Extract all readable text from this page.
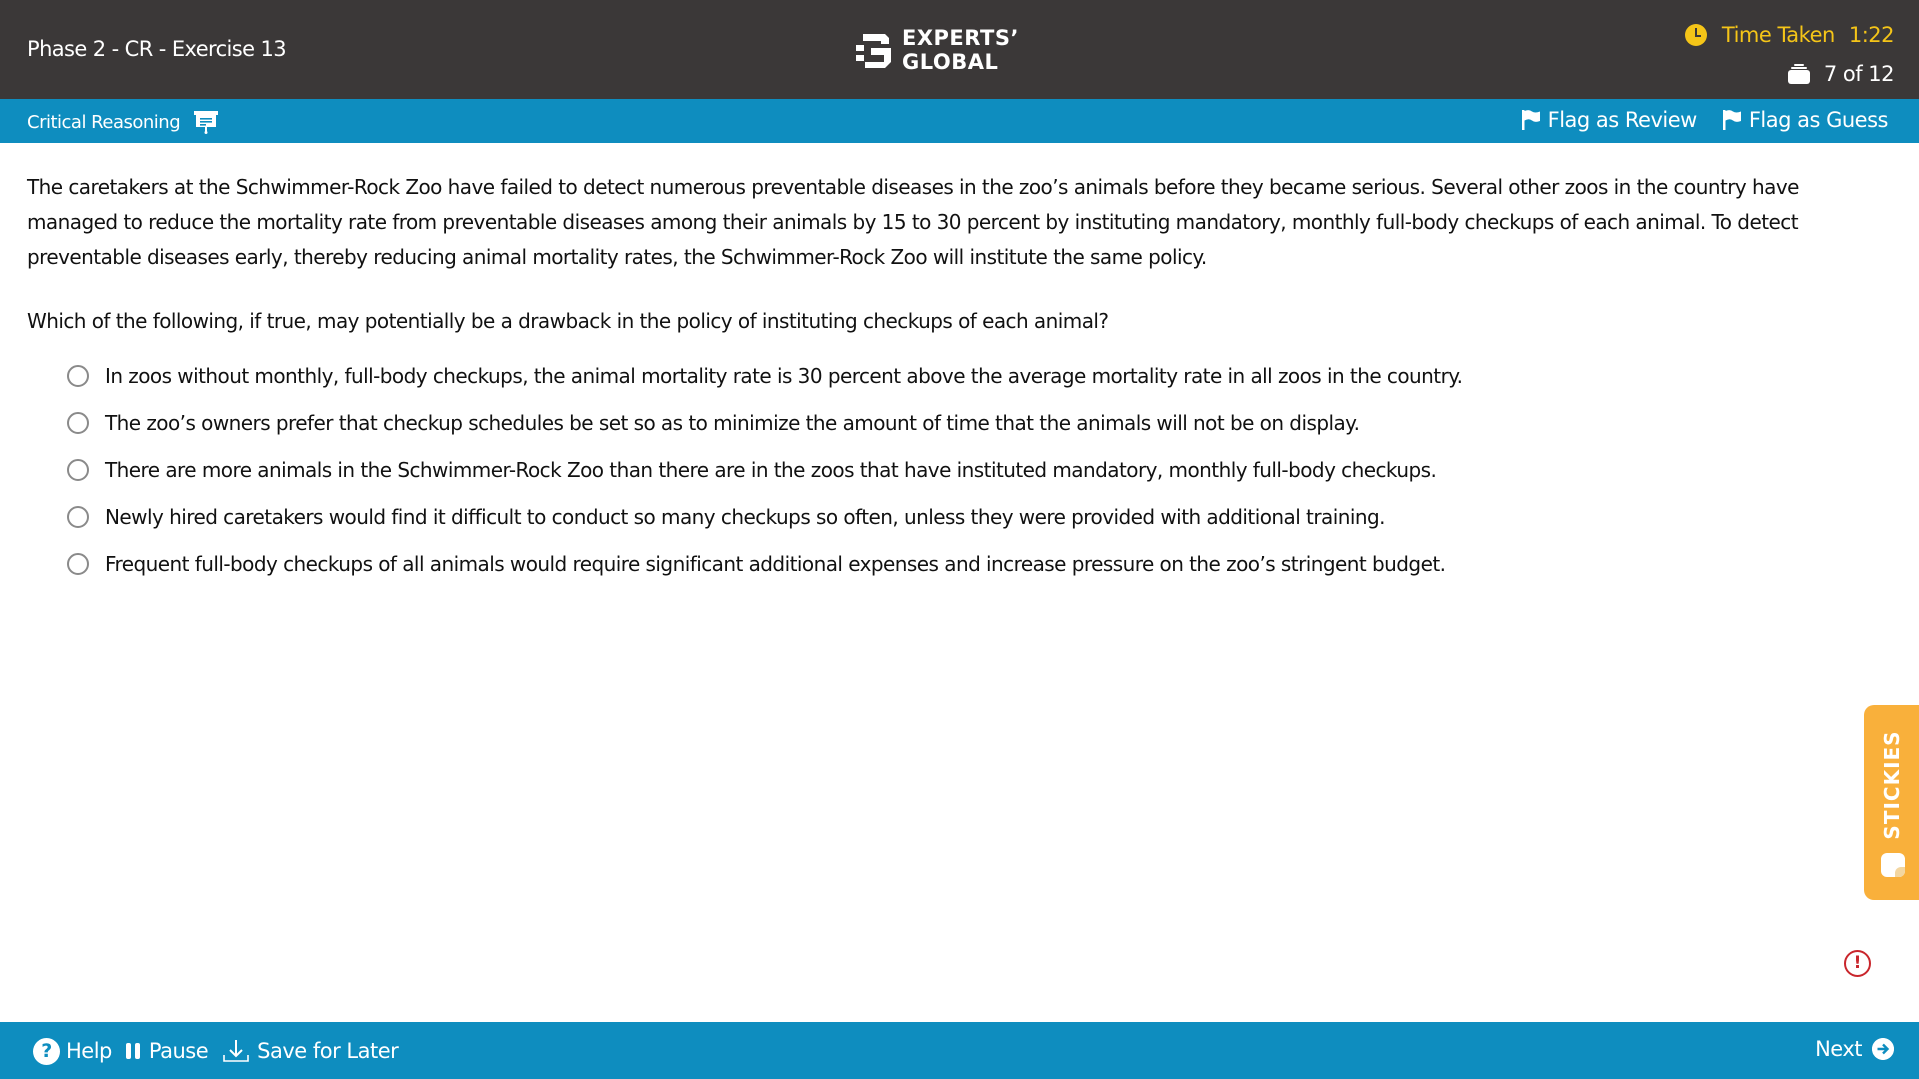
Phase 2 - CR - Exercise 13	EXPERTS’
GLOBAL
Time Taken 1:22
7 of 12
Critical Reasoning	Flag as Review Flag as Guess

The caretakers at the Schwimmer-Rock Zoo have failed to detect numerous preventable diseases in the zoo’s animals before they became serious. Several other zoos in the country have managed to reduce the mortality rate from preventable diseases among their animals by 15 to 30 percent by instituting mandatory, monthly full-body checkups of each animal. To detect preventable diseases early, thereby reducing animal mortality rates, the Schwimmer-Rock Zoo will institute the same policy.

Which of the following, if true, may potentially be a drawback in the policy of instituting checkups of each animal?

In zoos without monthly, full-body checkups, the animal mortality rate is 30 percent above the average mortality rate in all zoos in the country.
The zoo’s owners prefer that checkup schedules be set so as to minimize the amount of time that the animals will not be on display.
There are more animals in the Schwimmer-Rock Zoo than there are in the zoos that have instituted mandatory, monthly full-body checkups.
Newly hired caretakers would find it difficult to conduct so many checkups so often, unless they were provided with additional training.
Frequent full-body checkups of all animals would require significant additional expenses and increase pressure on the zoo’s stringent budget.
STICKIES
!
? Help Pause Save for Later	Next
